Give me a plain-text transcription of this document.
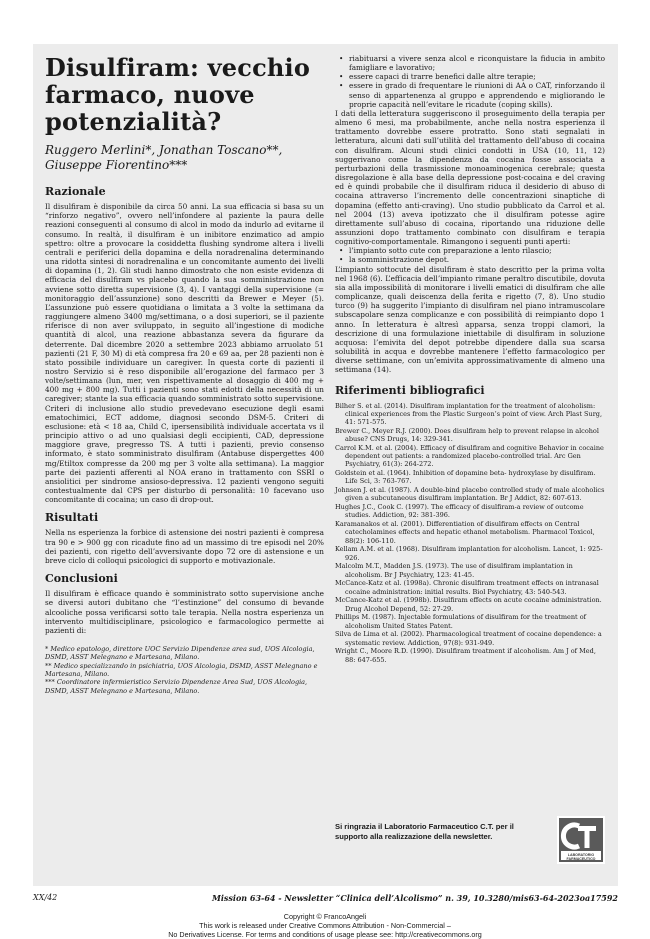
Disulfiram: vecchio farmaco, nuove potenzialità?
Ruggero Merlini*, Jonathan Toscano**, Giuseppe Fiorentino***
Razionale

Il disulfiram è disponibile da circa 50 anni. La sua efficacia si basa su un “rinforzo negativo”, ovvero nell’infondere al paziente la paura delle reazioni conseguenti al consumo di alcol in modo da indurlo ad evitarne il consumo. In realtà, il disulfiram è un inibitore enzimatico ad ampio spettro: oltre a provocare la cosiddetta flushing syndrome altera i livelli centrali e periferici della dopamina e della noradrenalina determinando una ridotta sintesi di noradrenalina e un concomitante aumento dei livelli di dopamina (1, 2). Gli studi hanno dimostrato che non esiste evidenza di efficacia del disulfiram vs placebo quando la sua somministrazione non avviene sotto diretta supervisione (3, 4). I vantaggi della supervisione (= monitoraggio dell’assunzione) sono descritti da Brewer e Meyer (5). L’assunzione può essere quotidiana o limitata a 3 volte la settimana da raggiungere almeno 3400 mg/settimana, o a dosi superiori, se il paziente riferisce di non aver sviluppato, in seguito all’ingestione di modiche quantità di alcol, una reazione abbastanza severa da figurare da deterrente. Dal dicembre 2020 a settembre 2023 abbiamo arruolato 51 pazienti (21 F, 30 M) di età compresa fra 20 e 69 aa, per 28 pazienti non è stato possibile individuare un caregiver. In questa corte di pazienti il nostro Servizio si è reso disponibile all’erogazione del farmaco per 3 volte/settimana (lun, mer, ven rispettivamente al dosaggio di 400 mg + 400 mg + 800 mg). Tutti i pazienti sono stati edotti della necessità di un caregiver; stante la sua efficacia quando somministrato sotto supervisione. Criteri di inclusione allo studio prevedevano esecuzione degli esami ematochimici, ECT addome, diagnosi secondo DSM-5. Criteri di esclusione: età < 18 aa, Child C, ipersensibilità individuale accertata vs il principio attivo o ad uno qualsiasi degli eccipienti, CAD, depressione maggiore grave, pregresso TS. A tutti i pazienti, previo consenso informato, è stato somministrato disulfiram (Antabuse dispergettes 400 mg/Etiltox compresse da 200 mg per 3 volte alla settimana). La maggior parte dei pazienti afferenti al NOA erano in trattamento con SSRI o ansiolitici per sindrome ansioso-depressiva. 12 pazienti vengono seguiti contestualmente dal CPS per disturbo di personalità: 10 facevano uso concomitante di cocaina; un caso di drop-out.

Risultati

Nella ns esperienza la forbice di astensione dei nostri pazienti è compresa tra 90 e > 900 gg con ricadute fino ad un massimo di tre episodi nel 20% dei pazienti, con rigetto dell’avversivante dopo 72 ore di astensione e un breve ciclo di colloqui psicologici di supporto e motivazionale.

Conclusioni

Il disulfiram è efficace quando è somministrato sotto supervisione anche se diversi autori dubitano che “l’estinzione” del consumo di bevande alcooliche possa verificarsi sotto tale terapia. Nella nostra esperienza un intervento multidisciplinare, psicologico e farmacologico permette ai pazienti di:

* Medico epatologo, direttore UOC Servizio Dipendenze area sud, UOS Alcologia, DSMD, ASST Melegnano e Martesana, Milano.

** Medico specializzando in psichiatria, UOS Alcologia, DSMD, ASST Melegnano e Martesana, Milano.

*** Coordinatore infermieristico Servizio Dipendenze Area Sud, UOS Alcologia, DSMD, ASST Melegnano e Martesana, Milano.

• riabituarsi a vivere senza alcol e riconquistare la fiducia in ambito famigliare e lavorativo;
• essere capaci di trarre benefici dalle altre terapie;
• essere in grado di frequentare le riunioni di AA o CAT, rinforzando il senso di appartenenza al gruppo e apprendendo e migliorando le proprie capacità nell’evitare le ricadute (coping skills).

I dati della letteratura suggeriscono il proseguimento della terapia per almeno 6 mesi, ma probabilmente, anche nella nostra esperienza il trattamento dovrebbe essere protratto. Sono stati segnalati in letteratura, alcuni dati sull’utilità del trattamento dell’abuso di cocaina con disulfiram. Alcuni studi clinici condotti in USA (10, 11, 12) suggerivano come la dipendenza da cocaina fosse associata a perturbazioni della trasmissione monoaminogenica cerebrale; questa disregolazione è alla base della depressione post-cocaina e del craving ed è quindi probabile che il disulfiram riduca il desiderio di abuso di cocaina attraverso l’incremento delle concentrazioni sinaptiche di dopamina (effetto anti-craving). Uno studio pubblicato da Carrol et al. nel 2004 (13) aveva ipotizzato che il disulfiram potesse agire direttamente sull’abuso di cocaina, riportando una riduzione delle assunzioni dopo trattamento combinato con disulfiram e terapia cognitivo-comportamentale. Rimangono i seguenti punti aperti:

• l’impianto sotto cute con preparazione a lento rilascio;
• la somministrazione depot.

L’impianto sottocute del disulfiram è stato descritto per la prima volta nel 1968 (6). L’efficacia dell’impianto rimane peraltro discutibile, dovuta sia alla impossibilità di monitorare i livelli ematici di disulfiram che alle complicanze, quali deiscenza della ferita e rigetto (7, 8). Uno studio turco (9) ha suggerito l’impianto di disulfiram nel piano intramuscolare subscapolare senza complicanze e con possibilità di reimpianto dopo 1 anno. In letteratura è altresì apparsa, senza troppi clamori, la descrizione di una formulazione iniettabile di disulfiram in soluzione acquosa: l’emivita del depot potrebbe dipendere dalla sua scarsa solubilità in acqua e dovrebbe mantenere l’effetto farmacologico per diverse settimane, con un’emivita approssimativamente di almeno una settimana (14).

Riferimenti bibliografici

Bilher S. et al. (2014). Disulfiram implantation for the treatment of alcoholism: clinical experiences from the Plastic Surgeon’s point of view. Arch Plast Surg, 41: 571-575.

Brewer C., Meyer R.J. (2000). Does disulfiram help to prevent relapse in alcohol abuse? CNS Drugs, 14: 329-341.

Carrol K.M. et al. (2004). Efficacy of disulfiram and cognitive Behavior in cocaine dependent out patients: a randomized placebo-controlled trial. Arc Gen Psychiatry, 61(3): 264-272.

Goldstein et al. (1964). Inhibition of dopamine beta- hydroxylase by disulfiram. Life Sci, 3: 763-767.

Johnsen J. et al. (1987). A double-bind placebo controlled study of male alcoholics given a subcutaneous disulfiram implantation. Br J Addict, 82: 607-613.

Hughes J.C., Cook C. (1997). The efficacy of disulfiram-a review of outcome studies. Addiction, 92: 381-396.

Karamanakos et al. (2001). Differentiation of disulfiram effects on Central catecholamines effects and hepatic ethanol metabolism. Pharmacol Toxicol, 88(2): 106-110.

Kellam A.M. et al. (1968). Disulfiram implantation for alcoholism. Lancet, 1: 925-926.

Malcolm M.T., Madden J.S. (1973). The use of disulfiram implantation in alcoholism. Br J Psychiatry, 123: 41-45.

McCance-Katz et al. (1998a). Chronic disulfiram treatment effects on intranasal cocaine administration: initial results. Biol Psychiatry, 43: 540-543.

McCance-Katz et al. (1998b). Disulfiram effects on acute cocaine administration. Drug Alcohol Depend, 52: 27-29.

Phillips M. (1987). Injectable formulations of disulfiram for the treatment of alcoholism United States Patent.

Silva de Lima et al. (2002). Pharmacological treatment of cocaine dependence: a systematic review. Addiction, 97(8): 931-949.

Wright C., Moore R.D. (1990). Disulfiram treatment if alcoholism. Am J of Med, 88: 647-655.

Si ringrazia il Laboratorio Farmaceutico C.T. per il supporto alla realizzazione della newsletter.
LABORATORIO FARMACEUTICO
XX/42	Mission 63-64 - Newsletter “Clinica dell’Alcolismo” n. 39, 10.3280/mis63-64-2023oa17592
Copyright © FrancoAngeli
This work is released under Creative Commons Attribution - Non-Commercial –
No Derivatives License. For terms and conditions of usage please see: http://creativecommons.org
